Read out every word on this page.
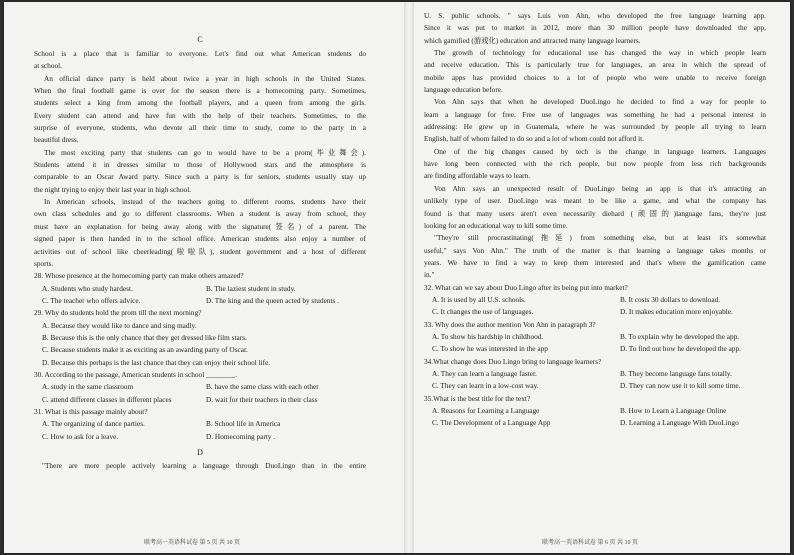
C
School is a place that is familiar to everyone. Let's find out what American students do
at school.
An official dance party is held about twice a year in high schools in the United States.
When the final football game is over for the season there is a homecoming party. Sometimes,
students select a king from among the football players, and a queen from among the girls.
Every student can attend and have fun with the help of their teachers. Sometimes, to the
surprise of everyone, students, who devote all their time to study, come to the party in a
beautiful dress.
The most exciting party that students can go to would have to be a prom(毕业舞会).
Students attend it in dresses similar to those of Hollywood stars and the atmosphere is
comparable to an Oscar Award party. Since such a party is for seniors, students usually stay up
the night trying to enjoy their last year in high school.
In American schools, instead of the teachers going to different rooms, students have their
own class schedules and go to different classrooms. When a student is away from school, they
must have an explanation for being away along with the signature(签名) of a parent. The
signed paper is then handed in to the school office. American students also enjoy a number of
activities out of school like cheerleading(啦啦队), student government and a host of different
sports.
28. Whose presence at the homecoming party can make others amazed?
A. Students who study hardest.	B. The laziest student in study.
C. The teacher who offers advice.	D. The king and the queen acted by students .
29. Why do students hold the prom till the next morning?
A. Because they would like to dance and sing madly.
B. Because this is the only chance that they get dressed like film stars.
C. Because students make it as exciting as an awarding party of Oscar.
D. Because this perhaps is the last chance that they can enjoy their school life.
30. According to the passage, American students in school ________.
A. study in the same classroom	B. have the same class with each other
C. attend different classes in different places	D. wait for their teachers in their class
31. What is this passage mainly about?
A. The organizing of dance parties.	B. School life in America
C. How to ask for a leave.	D. Homecoming party .
D
"There are more people actively learning a language through DuoLingo than in the entire
U. S. public schools. " says Luis von Ahn, who developed the free language learning app.
Since it was put to market in 2012, more than 30 million people have downloaded the app,
which gamified (游戏化) education and attracted many language learners.
The growth of technology for educational use has changed the way in which people learn
and receive education. This is particularly true for languages, an area in which the spread of
mobile apps has provided choices to a lot of people who were unable to receive foreign
language education before.
Von Ahn says that when he developed DuoLingo he decided to find a way for people to
learn a language for free. Free use of languages was something he had a personal interest in
addressing: He grew up in Guatemala, where he was surrounded by people all trying to learn
English, half of whom failed to do so and a lot of whom could not afford it.
One of the big changes caused by tech is the change in language learners. Languages
have long been connected with the rich people, but now people from less rich backgrounds
are finding affordable ways to learn.
Von Ahn says an unexpected result of DuoLingo being an app is that it's attracting an
unlikely type of user. DuoLingo was meant to be like a game, and what the company has
found is that many users aren't even necessarily diehard (顽固的)language fans, they're just
looking for an educational way to kill some time.
"They're still procrastinating(拖延) from something else, but at least it's somewhat
useful," says Von Ahn." The truth of the matter is that learning a language takes months or
years. We have to find a way to keep them interested and that's where the gamification came
in."
32. What can we say about Duo Lingo after its being put into market?
A. It is used by all U.S. schools.	B. It costs 30 dollars to download.
C. It changes the use of languages.	D. It makes education more enjoyable.
33. Why does the author mention Von Ahn in paragraph 3?
A. To show his hardship in childhood.	B. To explain why he developed the app.
C. To show he was interested in the app	D. To find out how he developed the app.
34.What change does Duo Lingo bring to language learners?
A. They can learn a language faster.	B. They become language fans totally.
C. They can learn in a low-cost way.	D. They can now use it to kill some time.
35.What is the best title for the text?
A. Reasons for Learning a Language	B. How to Learn a Language Online
C. The Development of a Language App	D. Learning a Language With DuoLingo
联考高一英语科试卷 第 5 页 共 10 页	联考高一英语科试卷 第 6 页 共 10 页
